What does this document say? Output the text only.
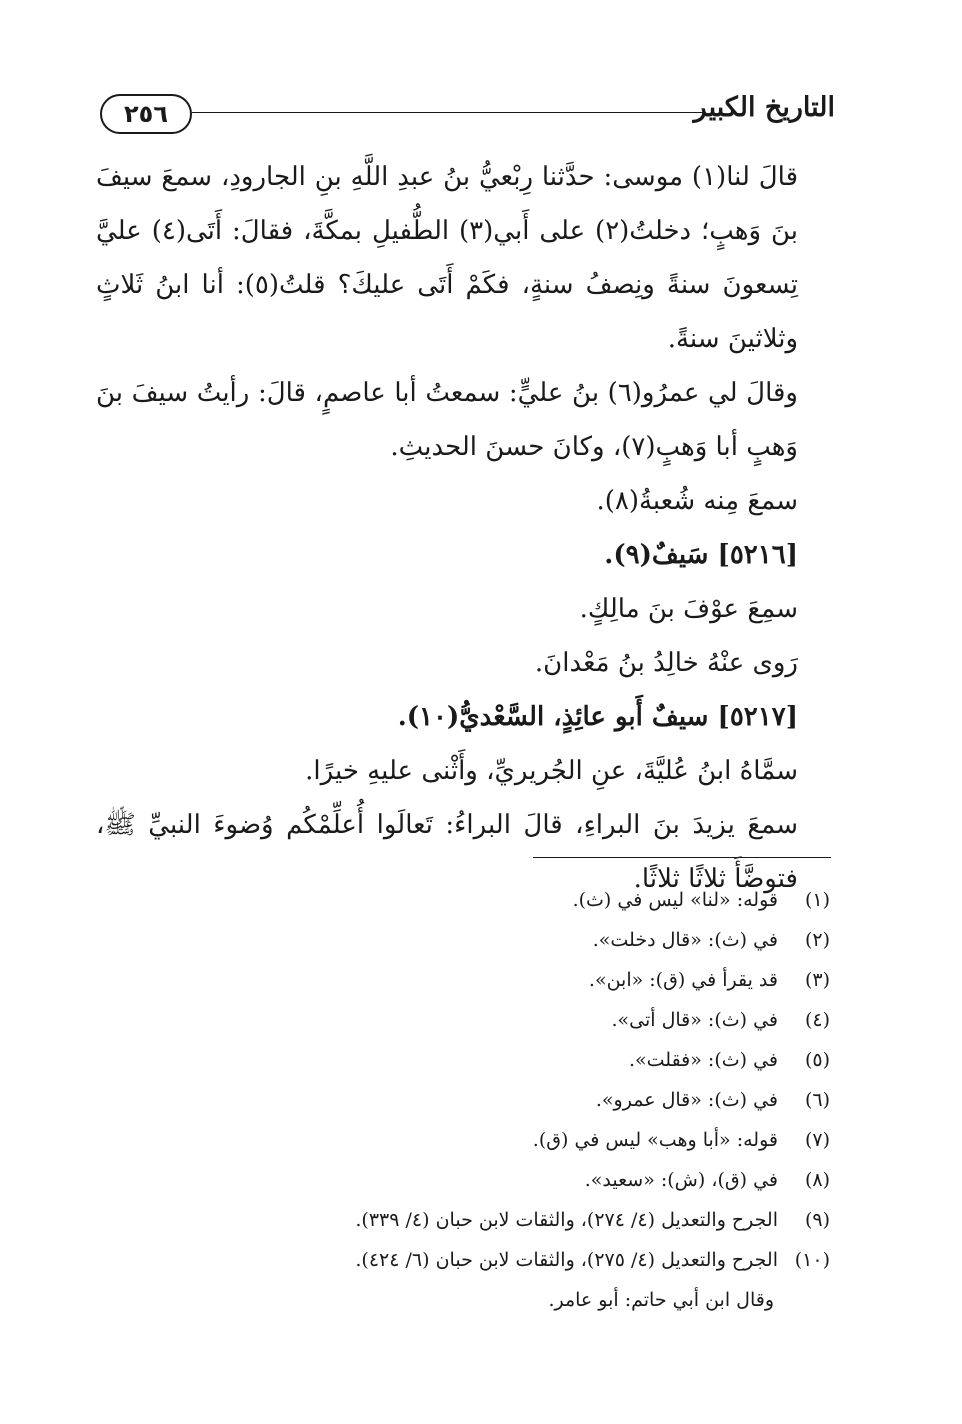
٢٥٦	التاريخ الكبير

قالَ لنا(١) موسى: حدَّثنا رِبْعيُّ بنُ عبدِ اللَّهِ بنِ الجارودِ، سمعَ سيفَ بنَ وَهبٍ؛ دخلتُ(٢) على أَبي(٣) الطُّفيلِ بمكَّةَ، فقالَ: أَتَى(٤) عليَّ تِسعونَ سنةً ونِصفُ سنةٍ، فكَمْ أَتَى عليكَ؟ قلتُ(٥): أنا ابنُ ثَلاثٍ وثلاثينَ سنةً.

وقالَ لي عمرُو(٦) بنُ عليٍّ: سمعتُ أبا عاصمٍ، قالَ: رأيتُ سيفَ بنَ وَهبٍ أبا وَهبٍ(٧)، وكانَ حسنَ الحديثِ.

سمعَ مِنه شُعبةُ(٨).

[٥٢١٦] سَيفٌ(٩).

سمِعَ عوْفَ بنَ مالِكٍ.

رَوى عنْهُ خالِدُ بنُ مَعْدانَ.

[٥٢١٧] سيفٌ أَبو عائِذٍ، السَّعْديُّ(١٠).

سمَّاهُ ابنُ عُليَّةَ، عنِ الجُريريِّ، وأَثْنى عليهِ خيرًا.

سمعَ يزيدَ بنَ البراءِ، قالَ البراءُ: تَعالَوا أُعلِّمْكُم وُضوءَ النبيِّ ﷺ، فتوضَّأَ ثلاثًا ثلاثًا.

(١)قوله: «لنا» ليس في (ث).
(٢)في (ث): «قال دخلت».
(٣)قد يقرأ في (ق): «ابن».
(٤)في (ث): «قال أتى».
(٥)في (ث): «فقلت».
(٦)في (ث): «قال عمرو».
(٧)قوله: «أبا وهب» ليس في (ق).
(٨)في (ق)، (ش): «سعيد».
(٩)الجرح والتعديل (٤/ ٢٧٤)، والثقات لابن حبان (٤/ ٣٣٩).
(١٠)الجرح والتعديل (٤/ ٢٧٥)، والثقات لابن حبان (٦/ ٤٢٤).
وقال ابن أبي حاتم: أبو عامر.
